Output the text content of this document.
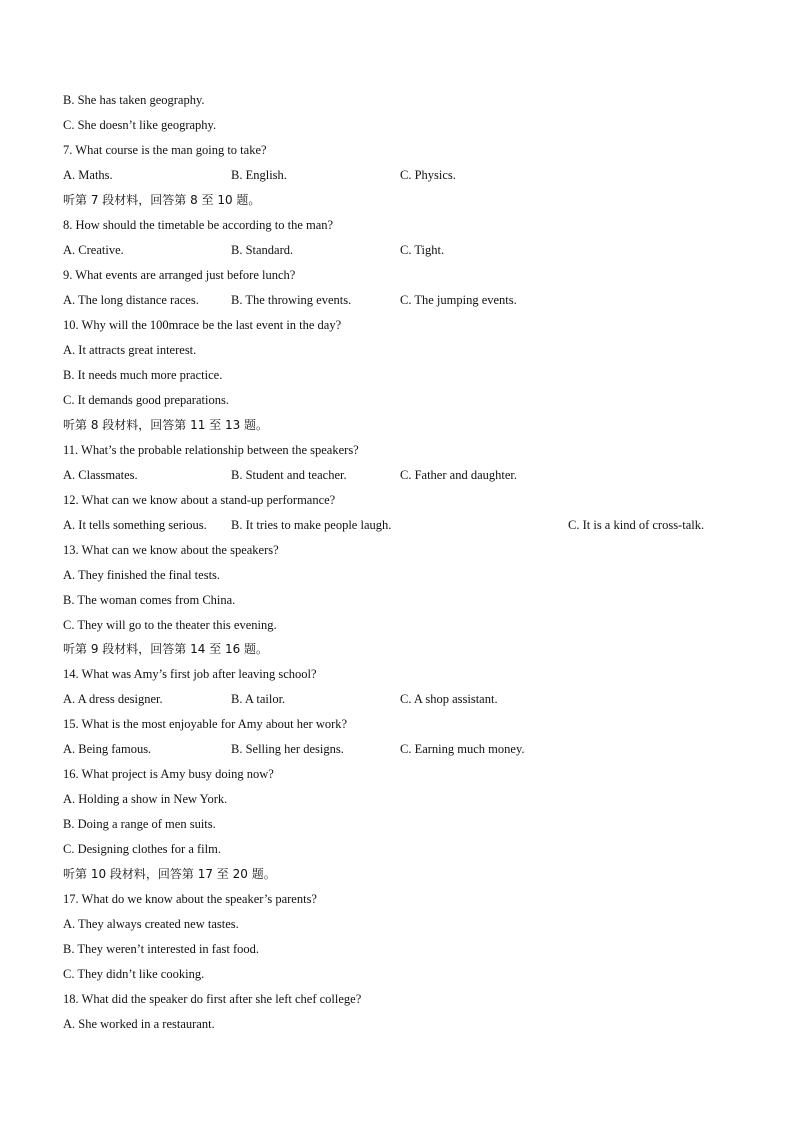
B. She has taken geography.
C. She doesn’t like geography.
7. What course is the man going to take?
A. Maths.	B. English.	C. Physics.
听第 7 段材料，回答第 8 至 10 题。
8. How should the timetable be according to the man?
A. Creative.	B. Standard.	C. Tight.
9. What events are arranged just before lunch?
A. The long distance races.	B. The throwing events.	C. The jumping events.
10. Why will the 100mrace be the last event in the day?
A. It attracts great interest.
B. It needs much more practice.
C. It demands good preparations.
听第 8 段材料，回答第 11 至 13 题。
11. What’s the probable relationship between the speakers?
A. Classmates.	B. Student and teacher.	C. Father and daughter.
12. What can we know about a stand-up performance?
A. It tells something serious. B. It tries to make people laugh.	C. It is a kind of cross-talk.
13. What can we know about the speakers?
A. They finished the final tests.
B. The woman comes from China.
C. They will go to the theater this evening.
听第 9 段材料，回答第 14 至 16 题。
14. What was Amy’s first job after leaving school?
A. A dress designer.	B. A tailor.	C. A shop assistant.
15. What is the most enjoyable for Amy about her work?
A. Being famous.	B. Selling her designs.	C. Earning much money.
16. What project is Amy busy doing now?
A. Holding a show in New York.
B. Doing a range of men suits.
C. Designing clothes for a film.
听第 10 段材料，回答第 17 至 20 题。
17. What do we know about the speaker’s parents?
A. They always created new tastes.
B. They weren’t interested in fast food.
C. They didn’t like cooking.
18. What did the speaker do first after she left chef college?
A. She worked in a restaurant.
